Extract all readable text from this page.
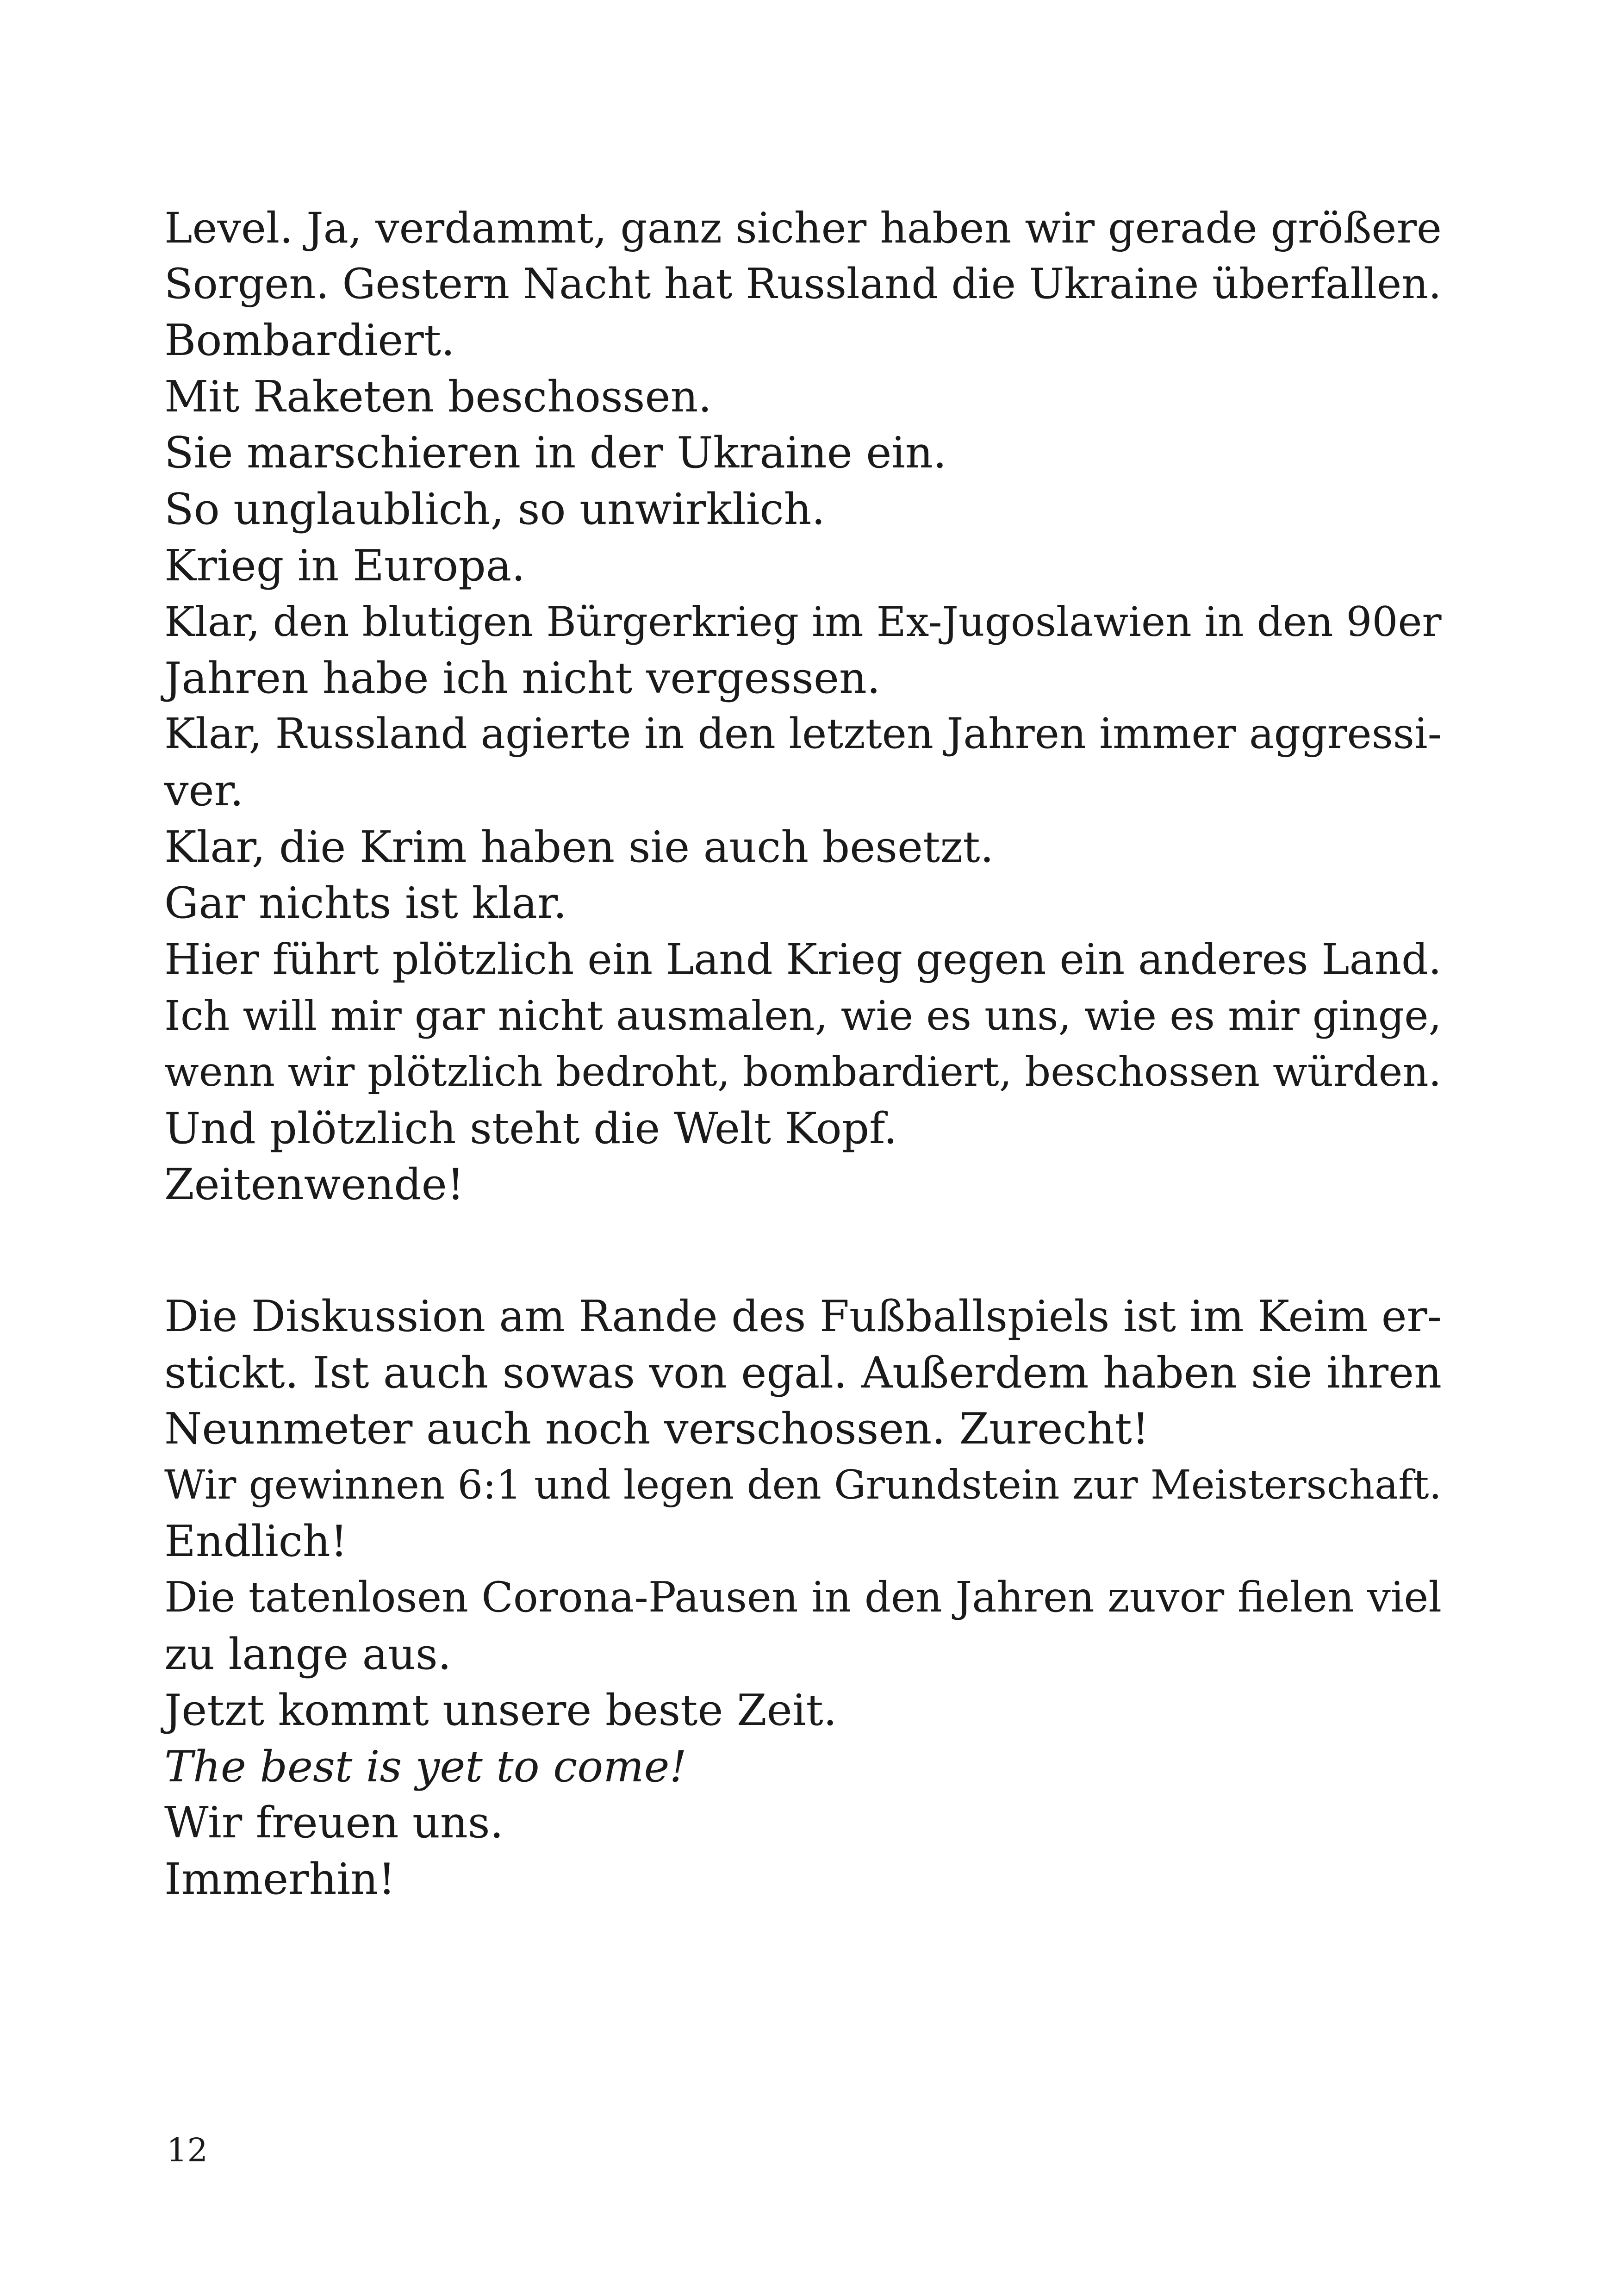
Level. Ja, verdammt, ganz sicher haben wir gerade größere
Sorgen. Gestern Nacht hat Russland die Ukraine überfallen.
Bombardiert.
Mit Raketen beschossen.
Sie marschieren in der Ukraine ein.
So unglaublich, so unwirklich.
Krieg in Europa.
Klar, den blutigen Bürgerkrieg im Ex-Jugoslawien in den 90er
Jahren habe ich nicht vergessen.
Klar, Russland agierte in den letzten Jahren immer aggressi-
ver.
Klar, die Krim haben sie auch besetzt.
Gar nichts ist klar.
Hier führt plötzlich ein Land Krieg gegen ein anderes Land.
Ich will mir gar nicht ausmalen, wie es uns, wie es mir ginge,
wenn wir plötzlich bedroht, bombardiert, beschossen würden.
Und plötzlich steht die Welt Kopf.
Zeitenwende!
Die Diskussion am Rande des Fußballspiels ist im Keim er-
stickt. Ist auch sowas von egal. Außerdem haben sie ihren
Neunmeter auch noch verschossen. Zurecht!
Wir gewinnen 6:1 und legen den Grundstein zur Meisterschaft.
Endlich!
Die tatenlosen Corona-Pausen in den Jahren zuvor fielen viel
zu lange aus.
Jetzt kommt unsere beste Zeit.
The best is yet to come!
Wir freuen uns.
Immerhin!
12
